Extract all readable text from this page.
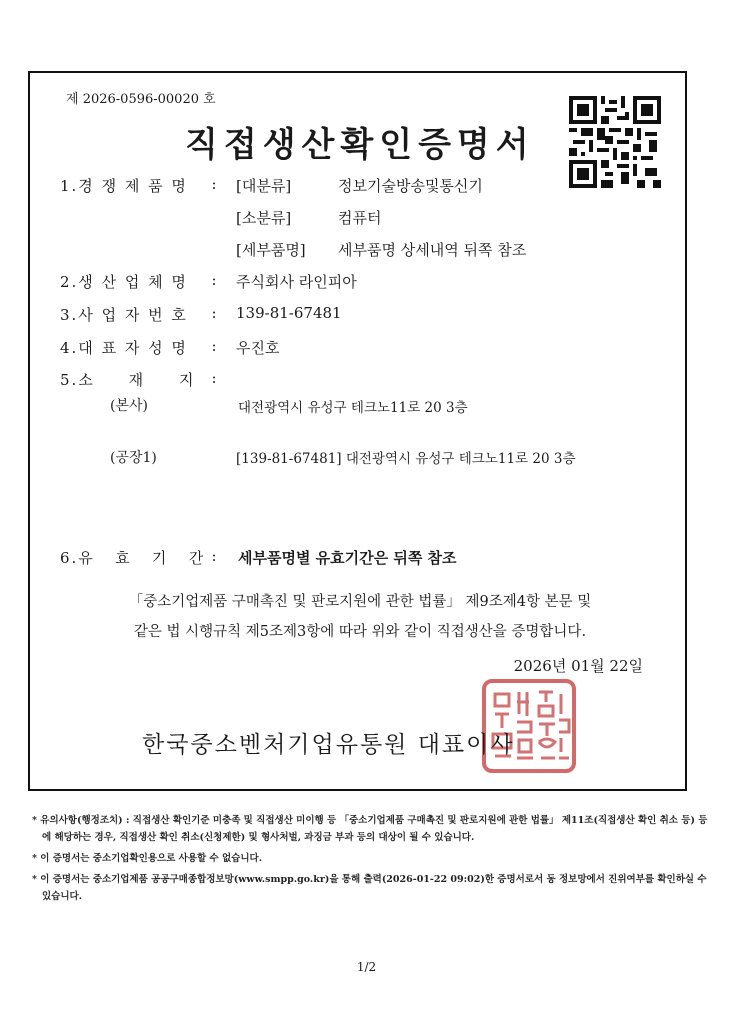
제 2026-0596-00020 호
직접생산확인증명서
1.경 쟁 제 품 명	:	[대분류]	정보기술방송및통신기
[소분류]	컴퓨터
[세부품명] 세부품명 상세내역 뒤쪽 참조
2.생 산 업 체 명	:	주식회사 라인피아
3.사 업 자 번 호	:	139-81-67481
4.대 표 자 성 명	:	우진호
5.소     재     지	:
(본사)	대전광역시 유성구 테크노11로 20 3층
(공장1)	[139-81-67481] 대전광역시 유성구 테크노11로 20 3층
6.유   효   기   간 :	세부품명별 유효기간은 뒤쪽 참조
「중소기업제품 구매촉진 및 판로지원에 관한 법률」 제9조제4항 본문 및
같은 법 시행규칙 제5조제3항에 따라 위와 같이 직접생산을 증명합니다.
2026년 01월 22일
한국중소벤처기업유통원 대표이사

* 유의사항(행정조치) : 직접생산 확인기준 미충족 및 직접생산 미이행 등 「중소기업제품 구매촉진 및 판로지원에 관한 법률」 제11조(직접생산 확인 취소 등) 등에 해당하는 경우, 직접생산 확인 취소(신청제한) 및 형사처벌, 과징금 부과 등의 대상이 될 수 있습니다.

* 이 증명서는 중소기업확인용으로 사용할 수 없습니다.

* 이 증명서는 중소기업제품 공공구매종합정보망(www.smpp.go.kr)을 통해 출력(2026-01-22 09:02)한 증명서로서 동 정보망에서 진위여부를 확인하실 수 있습니다.

1/2
